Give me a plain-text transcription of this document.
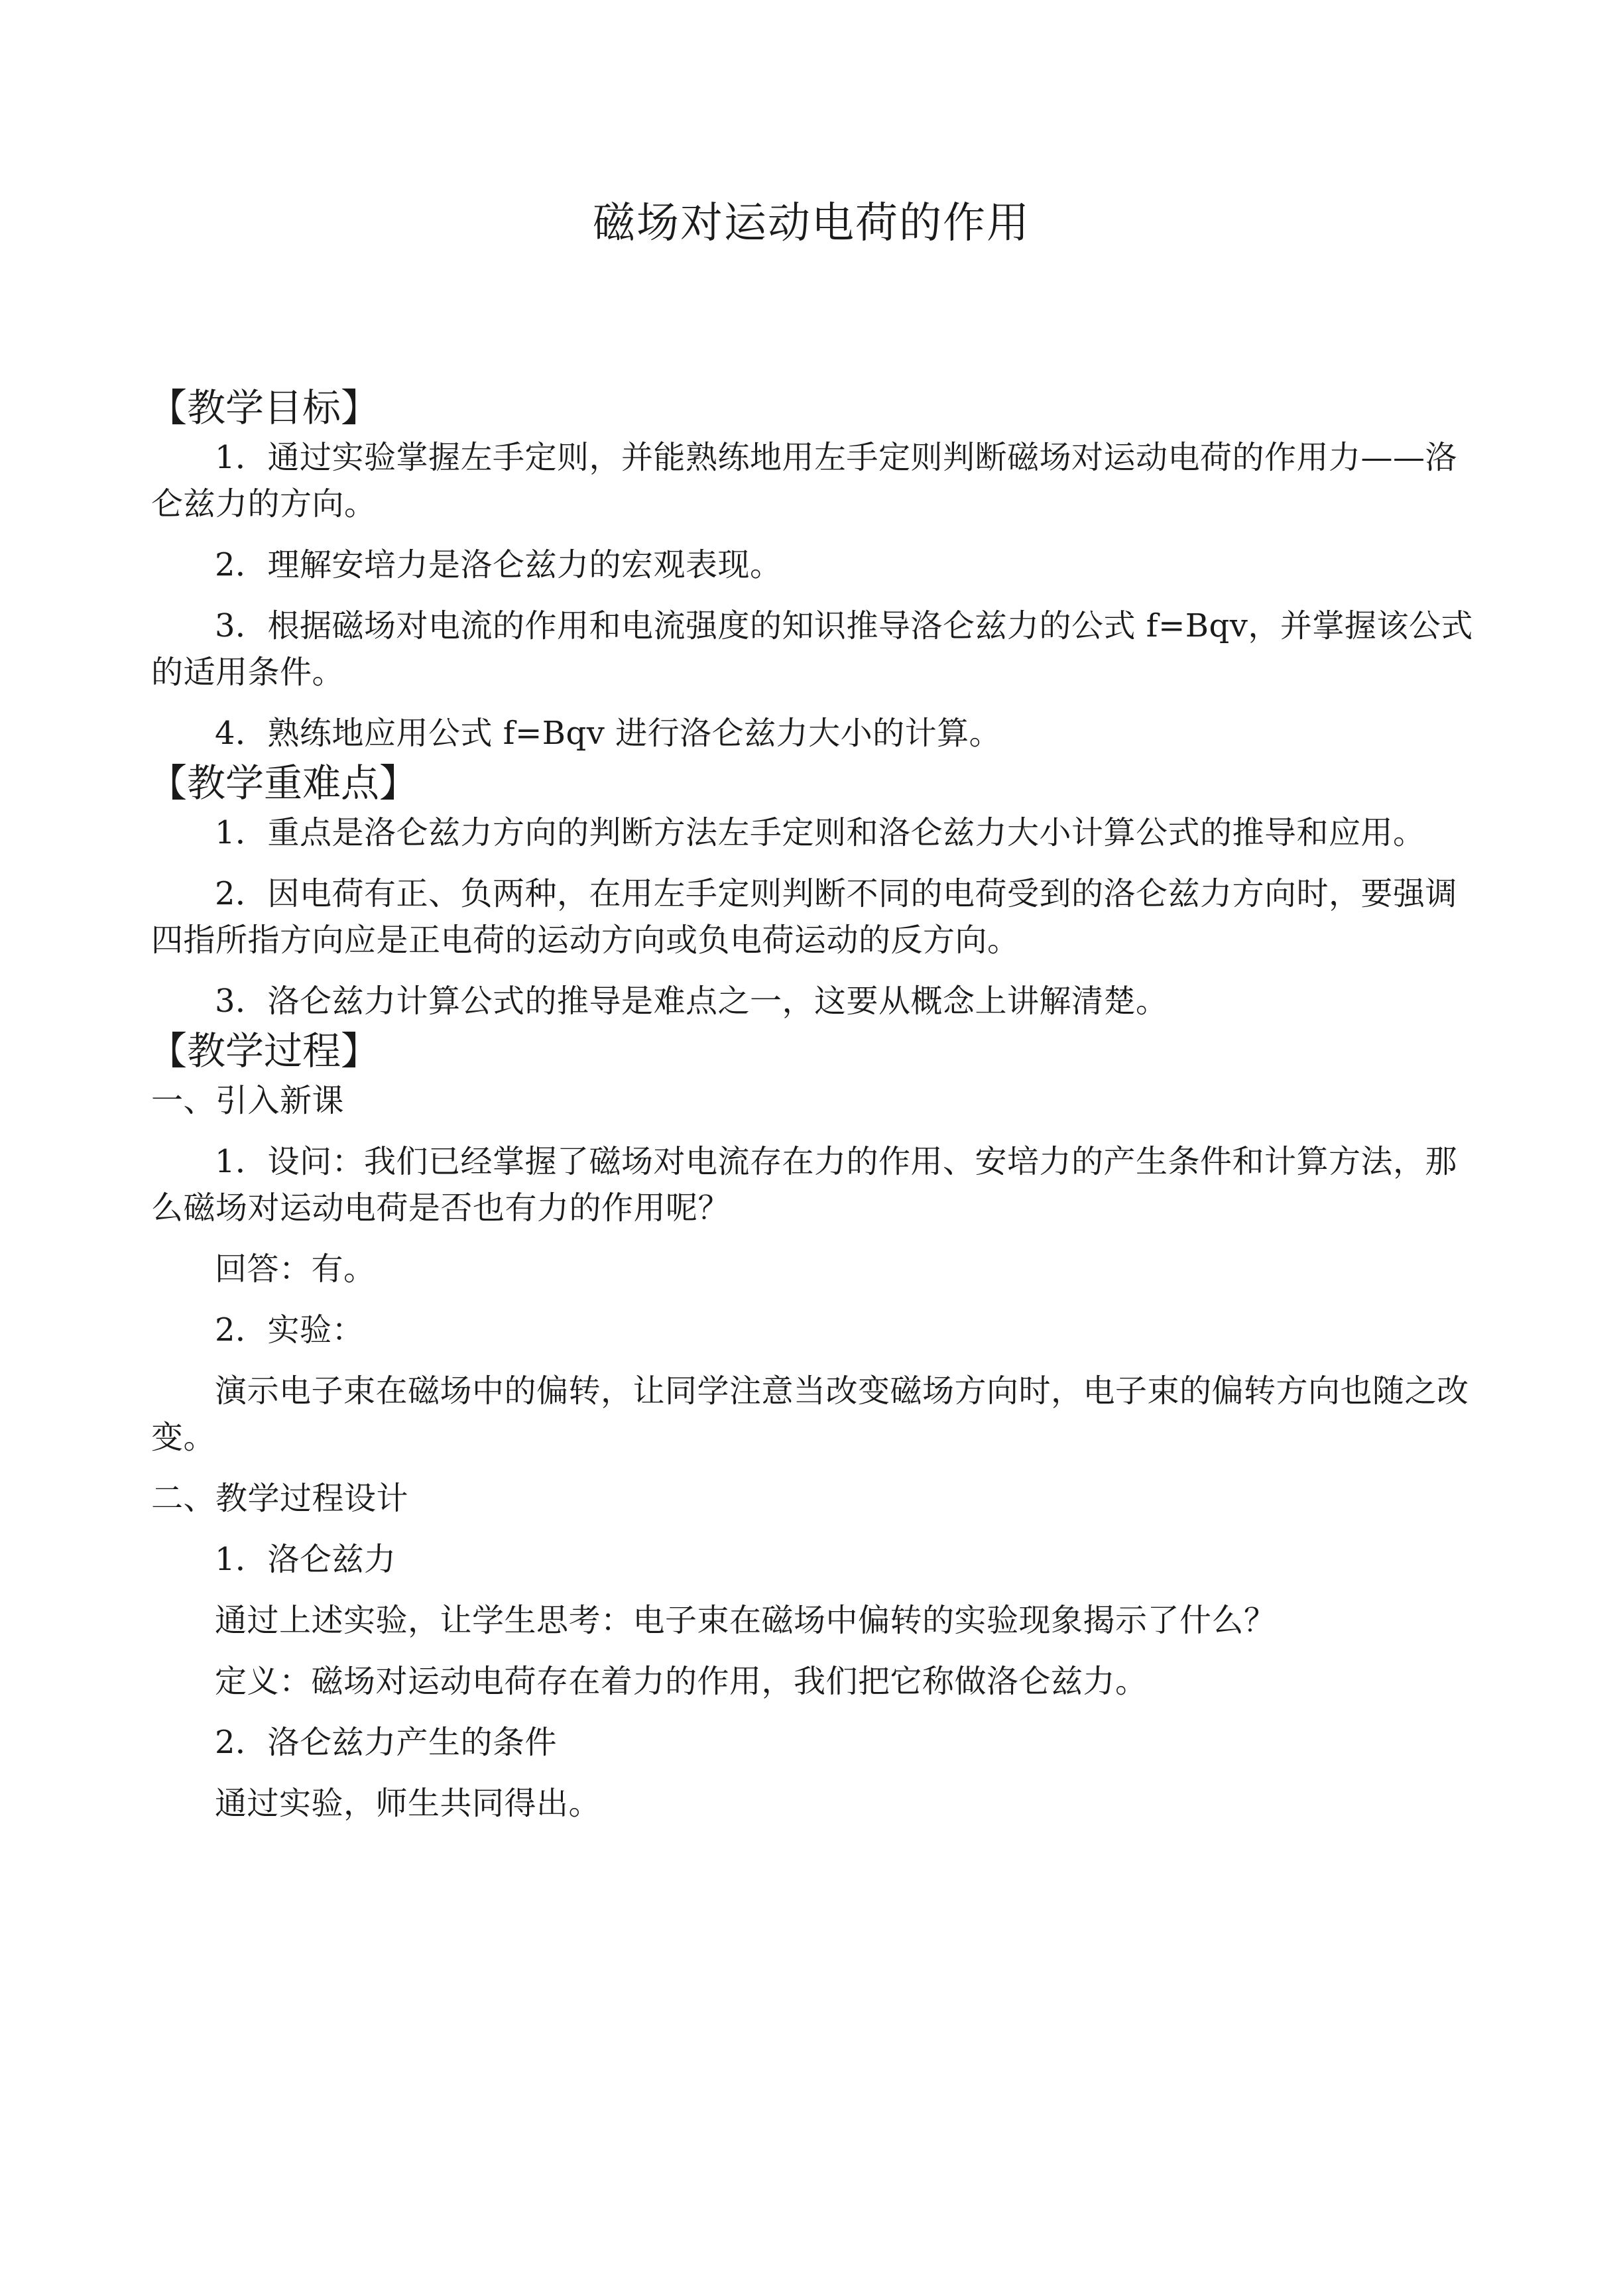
磁场对运动电荷的作用
【教学目标】

1．通过实验掌握左手定则，并能熟练地用左手定则判断磁场对运动电荷的作用力——洛仑兹力的方向。

2．理解安培力是洛仑兹力的宏观表现。

3．根据磁场对电流的作用和电流强度的知识推导洛仑兹力的公式 f=Bqv，并掌握该公式的适用条件。

4．熟练地应用公式 f=Bqv 进行洛仑兹力大小的计算。

【教学重难点】

1．重点是洛仑兹力方向的判断方法左手定则和洛仑兹力大小计算公式的推导和应用。

2．因电荷有正、负两种，在用左手定则判断不同的电荷受到的洛仑兹力方向时，要强调四指所指方向应是正电荷的运动方向或负电荷运动的反方向。

3．洛仑兹力计算公式的推导是难点之一，这要从概念上讲解清楚。

【教学过程】

一、引入新课

1．设问：我们已经掌握了磁场对电流存在力的作用、安培力的产生条件和计算方法，那么磁场对运动电荷是否也有力的作用呢？

回答：有。

2．实验：

演示电子束在磁场中的偏转，让同学注意当改变磁场方向时，电子束的偏转方向也随之改变。

二、教学过程设计

1．洛仑兹力

通过上述实验，让学生思考：电子束在磁场中偏转的实验现象揭示了什么？

定义：磁场对运动电荷存在着力的作用，我们把它称做洛仑兹力。

2．洛仑兹力产生的条件

通过实验，师生共同得出。
